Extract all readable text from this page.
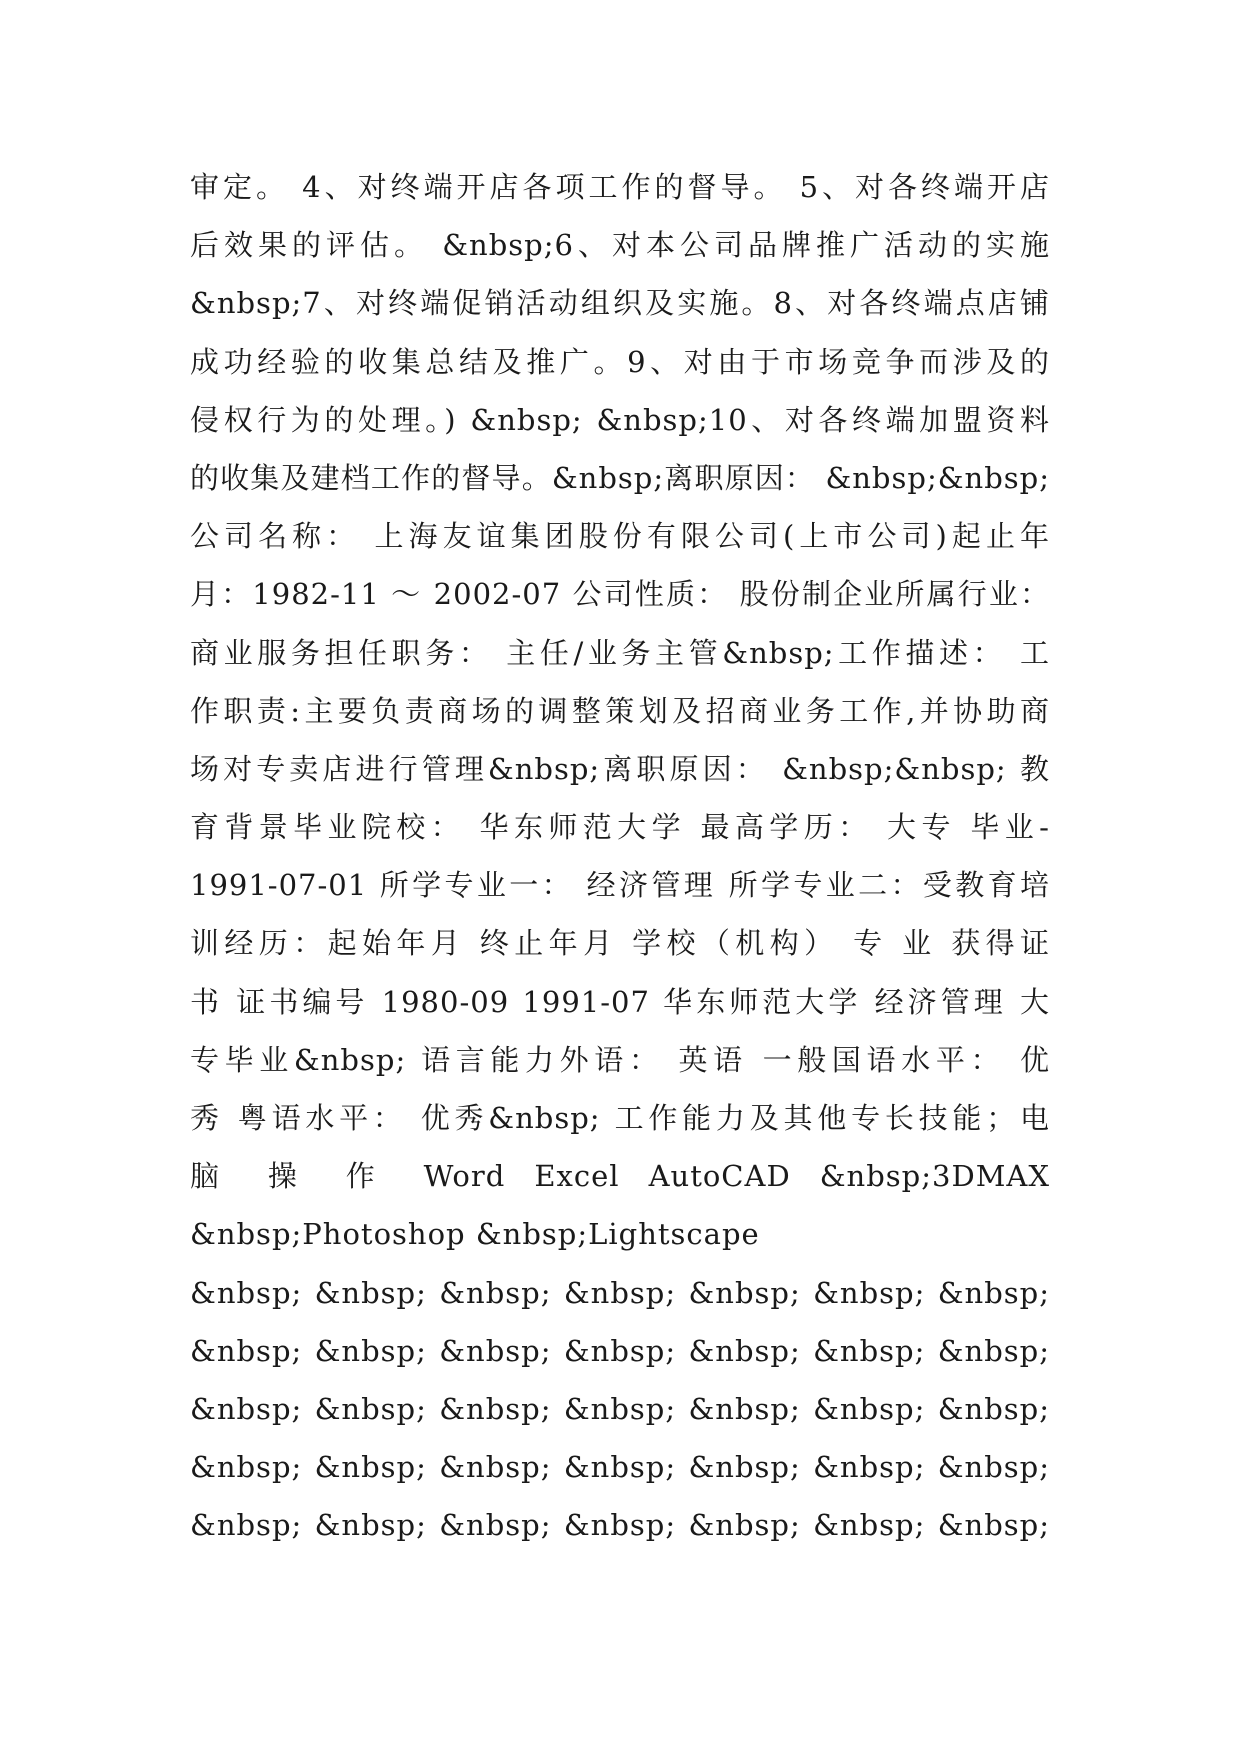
审定。 4、对终端开店各项工作的督导。 5、对各终端开店
后效果的评估。 &nbsp;6、对本公司品牌推广活动的实施
&nbsp;7、对终端促销活动组织及实施。8、对各终端点店铺
成功经验的收集总结及推广。9、对由于市场竞争而涉及的
侵权行为的处理。) &nbsp; &nbsp;10、对各终端加盟资料
的收集及建档工作的督导。&nbsp;离职原因： &nbsp;&nbsp;
公司名称： 上海友谊集团股份有限公司(上市公司)起止年
月：1982-11 ～ 2002-07 公司性质： 股份制企业所属行业：
商业服务担任职务： 主任/业务主管&nbsp;工作描述： 工
作职责:主要负责商场的调整策划及招商业务工作,并协助商
场对专卖店进行管理&nbsp;离职原因： &nbsp;&nbsp; 教
育背景毕业院校： 华东师范大学 最高学历： 大专 毕业-
1991-07-01 所学专业一： 经济管理 所学专业二：受教育培
训经历：起始年月 终止年月 学校（机构） 专 业 获得证
书 证书编号 1980-09 1991-07 华东师范大学 经济管理 大
专毕业&nbsp; 语言能力外语： 英语 一般国语水平： 优
秀 粤语水平： 优秀&nbsp; 工作能力及其他专长技能；电
脑 操 作 Word Excel AutoCAD &nbsp;3DMAX
&nbsp;Photoshop &nbsp;Lightscape
&nbsp; &nbsp; &nbsp; &nbsp; &nbsp; &nbsp; &nbsp;
&nbsp; &nbsp; &nbsp; &nbsp; &nbsp; &nbsp; &nbsp;
&nbsp; &nbsp; &nbsp; &nbsp; &nbsp; &nbsp; &nbsp;
&nbsp; &nbsp; &nbsp; &nbsp; &nbsp; &nbsp; &nbsp;
&nbsp; &nbsp; &nbsp; &nbsp; &nbsp; &nbsp; &nbsp;
